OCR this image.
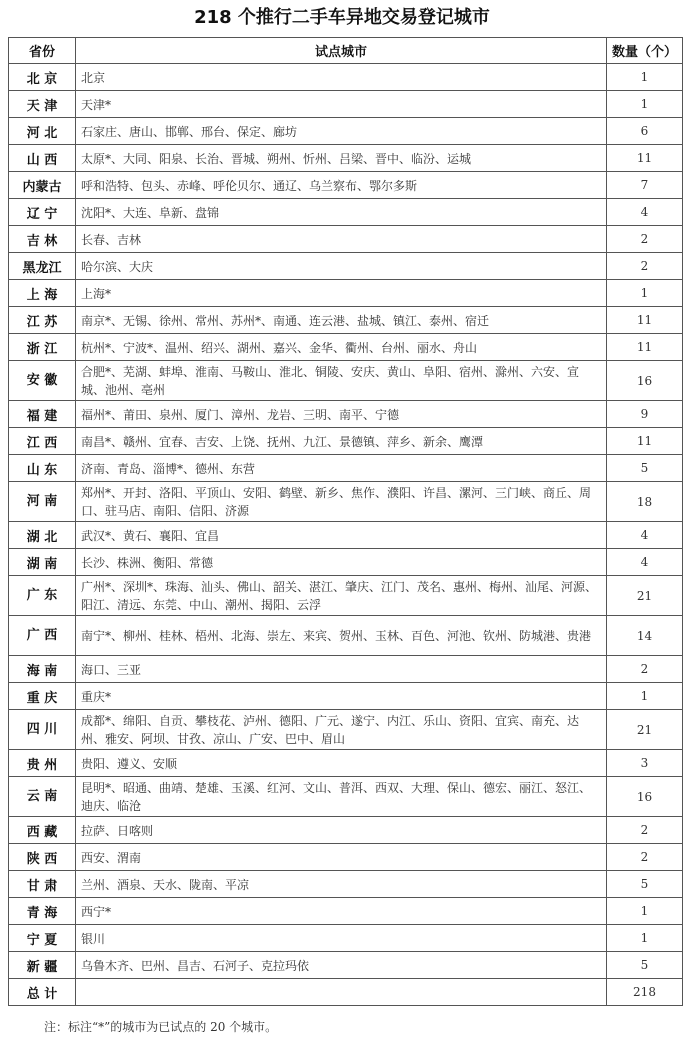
218 个推行二手车异地交易登记城市
省份	试点城市	数量（个）
北 京	北京	1
天 津	天津*	1
河 北	石家庄、唐山、邯郸、邢台、保定、廊坊	6
山 西	太原*、大同、阳泉、长治、晋城、朔州、忻州、吕梁、晋中、临汾、运城	11
内蒙古	呼和浩特、包头、赤峰、呼伦贝尔、通辽、乌兰察布、鄂尔多斯	7
辽 宁	沈阳*、大连、阜新、盘锦	4
吉 林	长春、吉林	2
黑龙江	哈尔滨、大庆	2
上 海	上海*	1
江 苏	南京*、无锡、徐州、常州、苏州*、南通、连云港、盐城、镇江、泰州、宿迁	11
浙 江	杭州*、宁波*、温州、绍兴、湖州、嘉兴、金华、衢州、台州、丽水、舟山	11
安 徽	合肥*、芜湖、蚌埠、淮南、马鞍山、淮北、铜陵、安庆、黄山、阜阳、宿州、滁州、六安、宣城、池州、亳州	16
福 建	福州*、莆田、泉州、厦门、漳州、龙岩、三明、南平、宁德	9
江 西	南昌*、赣州、宜春、吉安、上饶、抚州、九江、景德镇、萍乡、新余、鹰潭	11
山 东	济南、青岛、淄博*、德州、东营	5
河 南	郑州*、开封、洛阳、平顶山、安阳、鹤壁、新乡、焦作、濮阳、许昌、漯河、三门峡、商丘、周口、驻马店、南阳、信阳、济源	18
湖 北	武汉*、黄石、襄阳、宜昌	4
湖 南	长沙、株洲、衡阳、常德	4
广 东	广州*、深圳*、珠海、汕头、佛山、韶关、湛江、肇庆、江门、茂名、惠州、梅州、汕尾、河源、阳江、清远、东莞、中山、潮州、揭阳、云浮	21
广 西	南宁*、柳州、桂林、梧州、北海、崇左、来宾、贺州、玉林、百色、河池、钦州、防城港、贵港	14
海 南	海口、三亚	2
重 庆	重庆*	1
四 川	成都*、绵阳、自贡、攀枝花、泸州、德阳、广元、遂宁、内江、乐山、资阳、宜宾、南充、达州、雅安、阿坝、甘孜、凉山、广安、巴中、眉山	21
贵 州	贵阳、遵义、安顺	3
云 南	昆明*、昭通、曲靖、楚雄、玉溪、红河、文山、普洱、西双、大理、保山、德宏、丽江、怒江、迪庆、临沧	16
西 藏	拉萨、日喀则	2
陕 西	西安、渭南	2
甘 肃	兰州、酒泉、天水、陇南、平凉	5
青 海	西宁*	1
宁 夏	银川	1
新 疆	乌鲁木齐、巴州、昌吉、石河子、克拉玛依	5
总 计		218
注：标注“*”的城市为已试点的 20 个城市。
